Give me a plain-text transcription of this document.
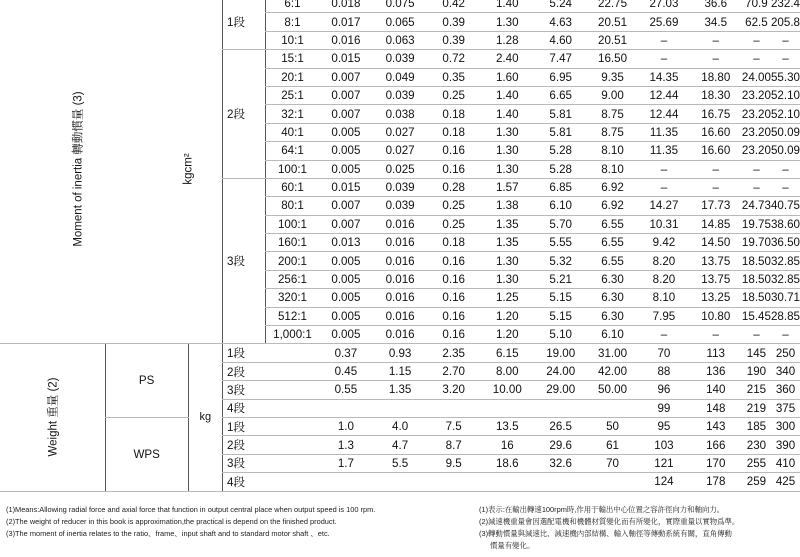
Moment of inertia 轉動慣量 (3)		kgcm²		1段	6:1	0.018	0.075	0.42	1.40	5.24	22.75	27.03	36.6	70.9	232.4	
					8:1	0.017	0.065	0.39	1.30	4.63	20.51	25.69	34.5	62.5	205.8	
					10:1	0.016	0.063	0.39	1.28	4.60	20.51	–	–	–	–	
				2段	15:1	0.015	0.039	0.72	2.40	7.47	16.50	–	–	–	–	
					20:1	0.007	0.049	0.35	1.60	6.95	9.35	14.35	18.80	24.00	55.30	
					25:1	0.007	0.039	0.25	1.40	6.65	9.00	12.44	18.30	23.20	52.10	
					32:1	0.007	0.038	0.18	1.40	5.81	8.75	12.44	16.75	23.20	52.10	
					40:1	0.005	0.027	0.18	1.30	5.81	8.75	11.35	16.60	23.20	50.09	
					64:1	0.005	0.027	0.16	1.30	5.28	8.10	11.35	16.60	23.20	50.09	
					100:1	0.005	0.025	0.16	1.30	5.28	8.10	–	–	–	–	
				3段	60:1	0.015	0.039	0.28	1.57	6.85	6.92	–	–	–	–	
					80:1	0.007	0.039	0.25	1.38	6.10	6.92	14.27	17.73	24.73	40.75	
					100:1	0.007	0.016	0.25	1.35	5.70	6.55	10.31	14.85	19.75	38.60	
					160:1	0.013	0.016	0.18	1.35	5.55	6.55	9.42	14.50	19.70	36.50	
					200:1	0.005	0.016	0.16	1.30	5.32	6.55	8.20	13.75	18.50	32.85	
					256:1	0.005	0.016	0.16	1.30	5.21	6.30	8.20	13.75	18.50	32.85	
					320:1	0.005	0.016	0.16	1.25	5.15	6.30	8.10	13.25	18.50	30.71	
					512:1	0.005	0.016	0.16	1.20	5.15	6.30	7.95	10.80	15.45	28.85	
					1,000:1	0.005	0.016	0.16	1.20	5.10	6.10	–	–	–	–	
Weight 重量 (2)	PS		kg	1段		0.37	0.93	2.35	6.15	19.00	31.00	70	113	145	250	
				2段		0.45	1.15	2.70	8.00	24.00	42.00	88	136	190	340	
				3段		0.55	1.35	3.20	10.00	29.00	50.00	96	140	215	360	
				4段								99	148	219	375	
	WPS			1段		1.0	4.0	7.5	13.5	26.5	50	95	143	185	300	
				2段		1.3	4.7	8.7	16	29.6	61	103	166	230	390	
				3段		1.7	5.5	9.5	18.6	32.6	70	121	170	255	410	
				4段								124	178	259	425	
(1)Means:Allowing radial force and axial force that function in output central place when output speed is 100 rpm.
(2)The weight of reducer in this book is approximation,the practical is depend on the finished product.
(3)The moment of inertia relates to the ratio、frame、input shaft and to standard motor shaft 、etc.
(1)表示:在輸出轉速100rpm時,作用于輸出中心位置之容許徑向力和軸向力。
(2)減速機重量會因選配電機和機體材質變化而有所變化，實際重量以實物爲準。
(3)轉動慣量與減速比、減速機内部結構、輸入軸徑等傳動系統有關，直角傳動
慣量有變化。
